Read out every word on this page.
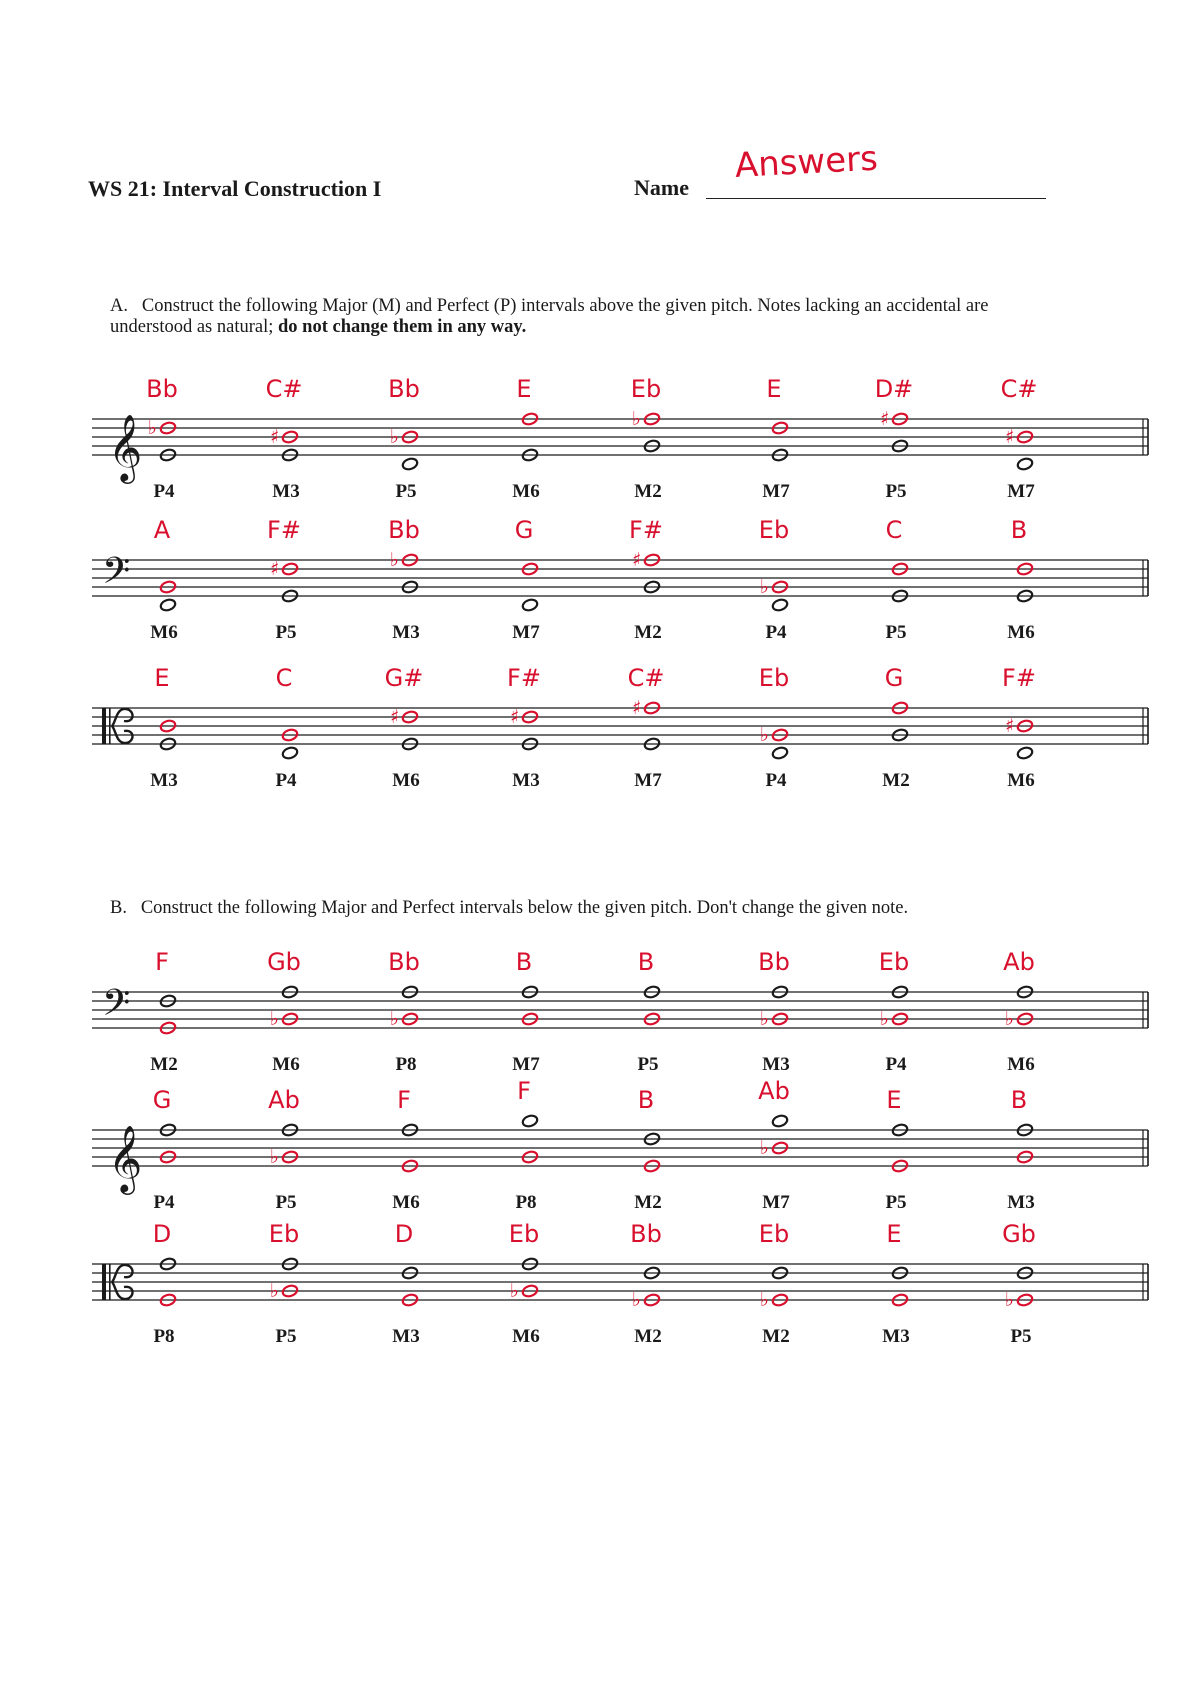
WS 21: Interval Construction I	Name
Answers
A. Construct the following Major (M) and Perfect (P) intervals above the given pitch. Notes lacking an accidental are understood as natural; do not change them in any way.
B. Construct the following Major and Perfect intervals below the given pitch. Don't change the given note.
𝄞 ♭
Bb
P4
♯
C#
M3
♭
Bb
P5
E
M6
♭
Eb
M2
E
M7
♯
D#
P5
♯
C#
M7
𝄢
A
M6
♯
F#
P5
♭
Bb
M3
G
M7
♯
F#
M2
♭
Eb
P4
C
P5
B
M6
E
M3
C
P4
♯
G#
M6
♯
F#
M3
♯
C#
M7
♭
Eb
P4
G
M2
♯
F#
M6
𝄢
F
M2
♭
Gb
M6
♭
Bb
P8
B
M7
B
P5
♭
Bb
M3
♭
Eb
P4
♭
Ab
M6
𝄞
G
P4
♭
Ab
P5
F
M6
F
P8
B
M2
♭
Ab
M7
E
P5
B
M3
D
P8
♭
Eb
P5
D
M3
♭
Eb
M6
♭
Bb
M2
♭
Eb
M2
E
M3
♭
Gb
P5
